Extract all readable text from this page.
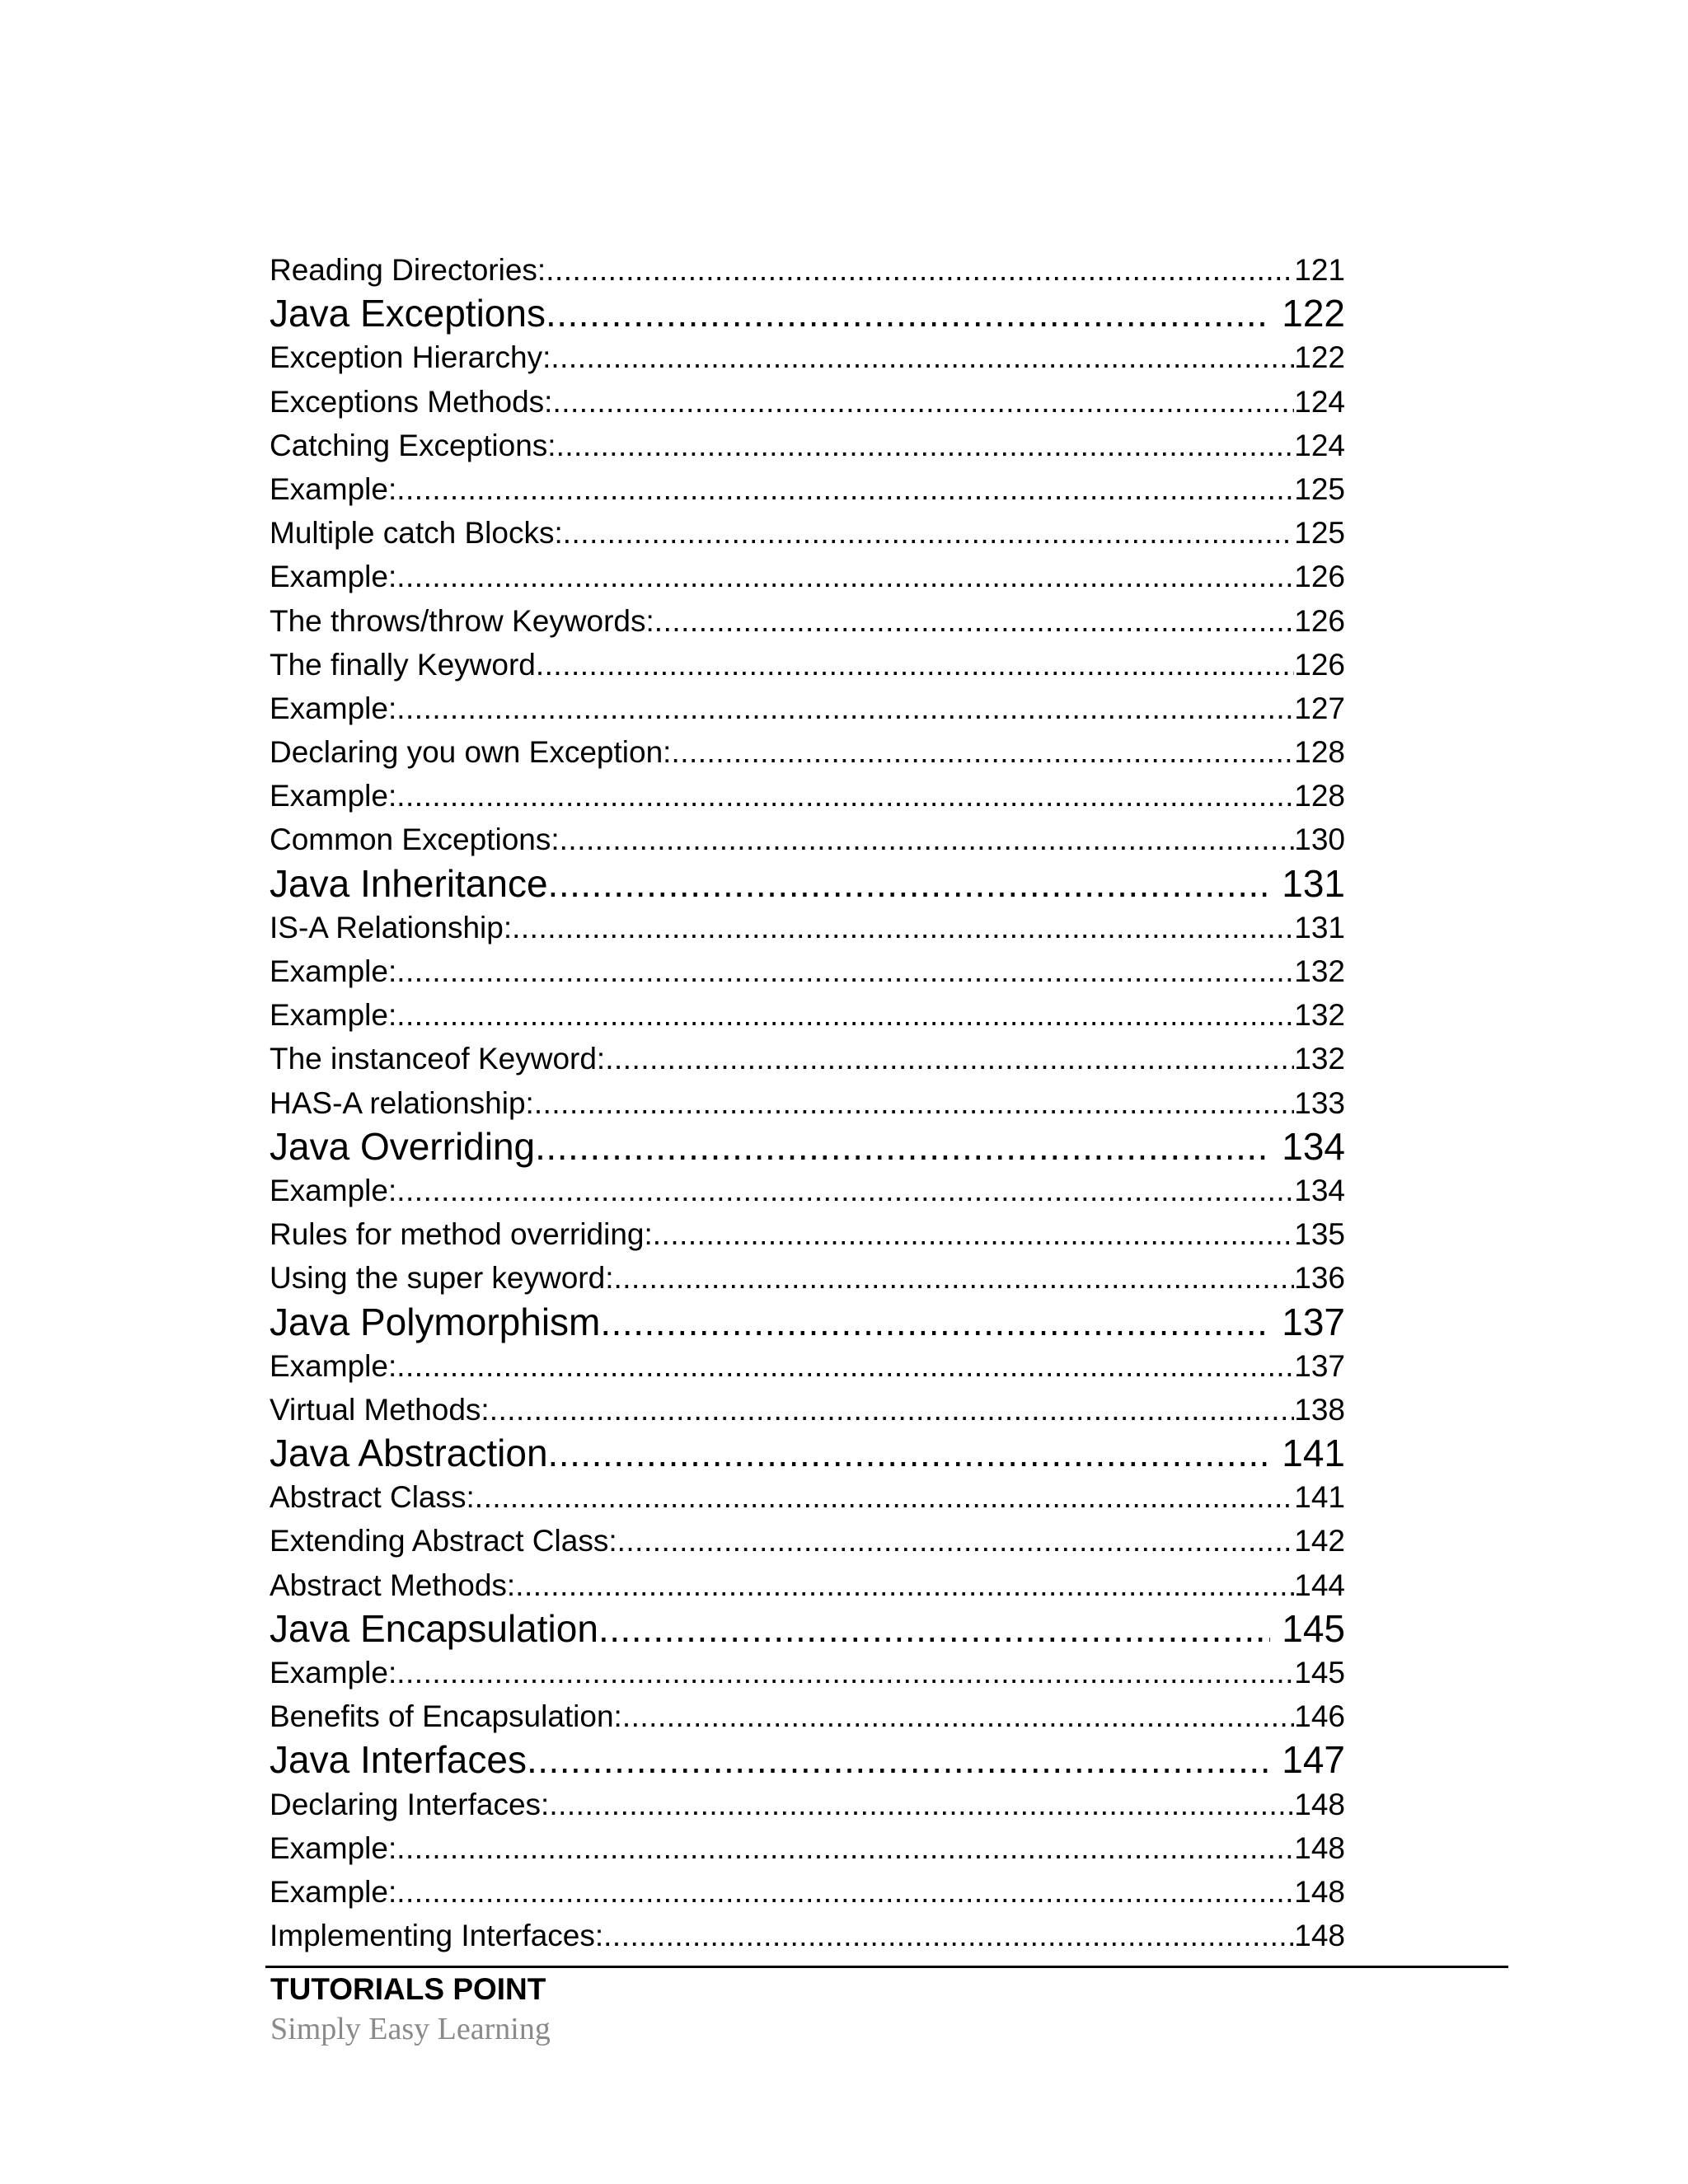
Reading Directories: .....	121
Java Exceptions .....	122
Exception Hierarchy: .....	122
Exceptions Methods: .....	124
Catching Exceptions: .....	124
Example: .....	125
Multiple catch Blocks: .....	125
Example: .....	126
The throws/throw Keywords: .....	126
The finally Keyword .....	126
Example: .....	127
Declaring you own Exception: .....	128
Example: .....	128
Common Exceptions: .....	130
Java Inheritance .....	131
IS-A Relationship: .....	131
Example: .....	132
Example: .....	132
The instanceof Keyword: .....	132
HAS-A relationship: .....	133
Java Overriding .....	134
Example: .....	134
Rules for method overriding: .....	135
Using the super keyword: .....	136
Java Polymorphism .....	137
Example: .....	137
Virtual Methods: .....	138
Java Abstraction .....	141
Abstract Class: .....	141
Extending Abstract Class: .....	142
Abstract Methods: .....	144
Java Encapsulation .....	145
Example: .....	145
Benefits of Encapsulation: .....	146
Java Interfaces .....	147
Declaring Interfaces: .....	148
Example: .....	148
Example: .....	148
Implementing Interfaces: .....	148
TUTORIALS POINT
Simply Easy Learning
